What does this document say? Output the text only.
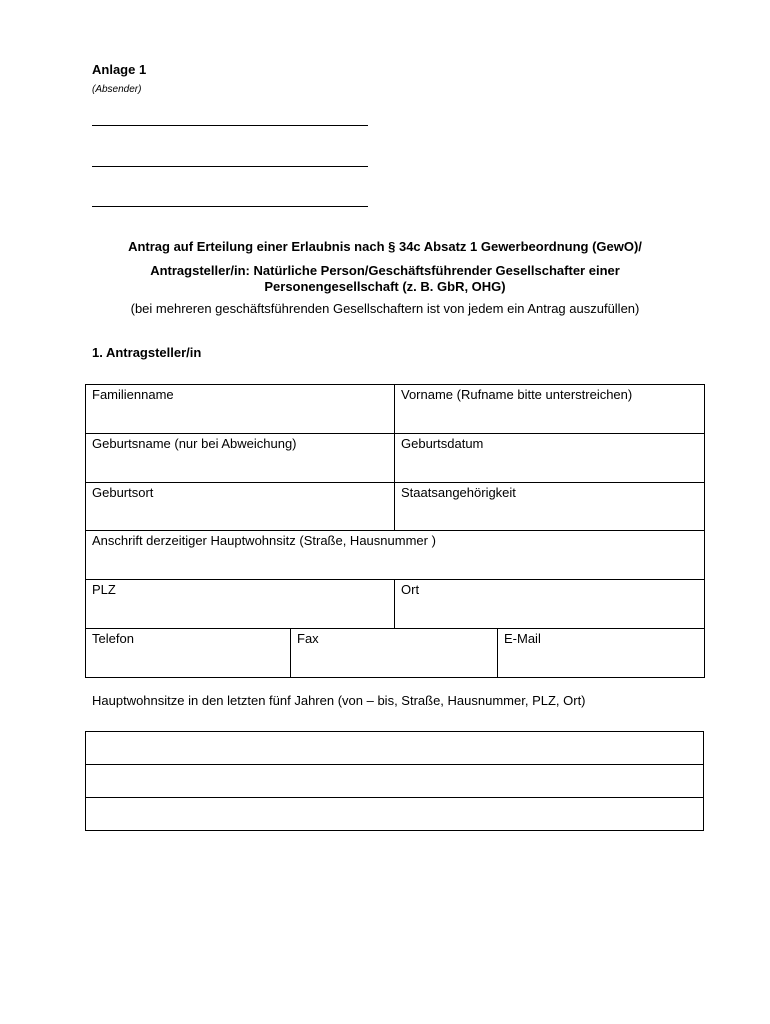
Anlage 1
(Absender)
Antrag auf Erteilung einer Erlaubnis nach § 34c Absatz 1 Gewerbeordnung (GewO)/
Antragsteller/in: Natürliche Person/Geschäftsführender Gesellschafter einer Personengesellschaft (z. B. GbR, OHG)
(bei mehreren geschäftsführenden Gesellschaftern ist von jedem ein Antrag auszufüllen)
1. Antragsteller/in
Familienname		Vorname (Rufname bitte unterstreichen)	
Geburtsname (nur bei Abweichung)		Geburtsdatum	
Geburtsort		Staatsangehörigkeit	
Anschrift derzeitiger Hauptwohnsitz (Straße, Hausnummer )			
PLZ		Ort	
Telefon	Fax		E-Mail
Hauptwohnsitze in den letzten fünf Jahren (von – bis, Straße, Hausnummer, PLZ, Ort)
